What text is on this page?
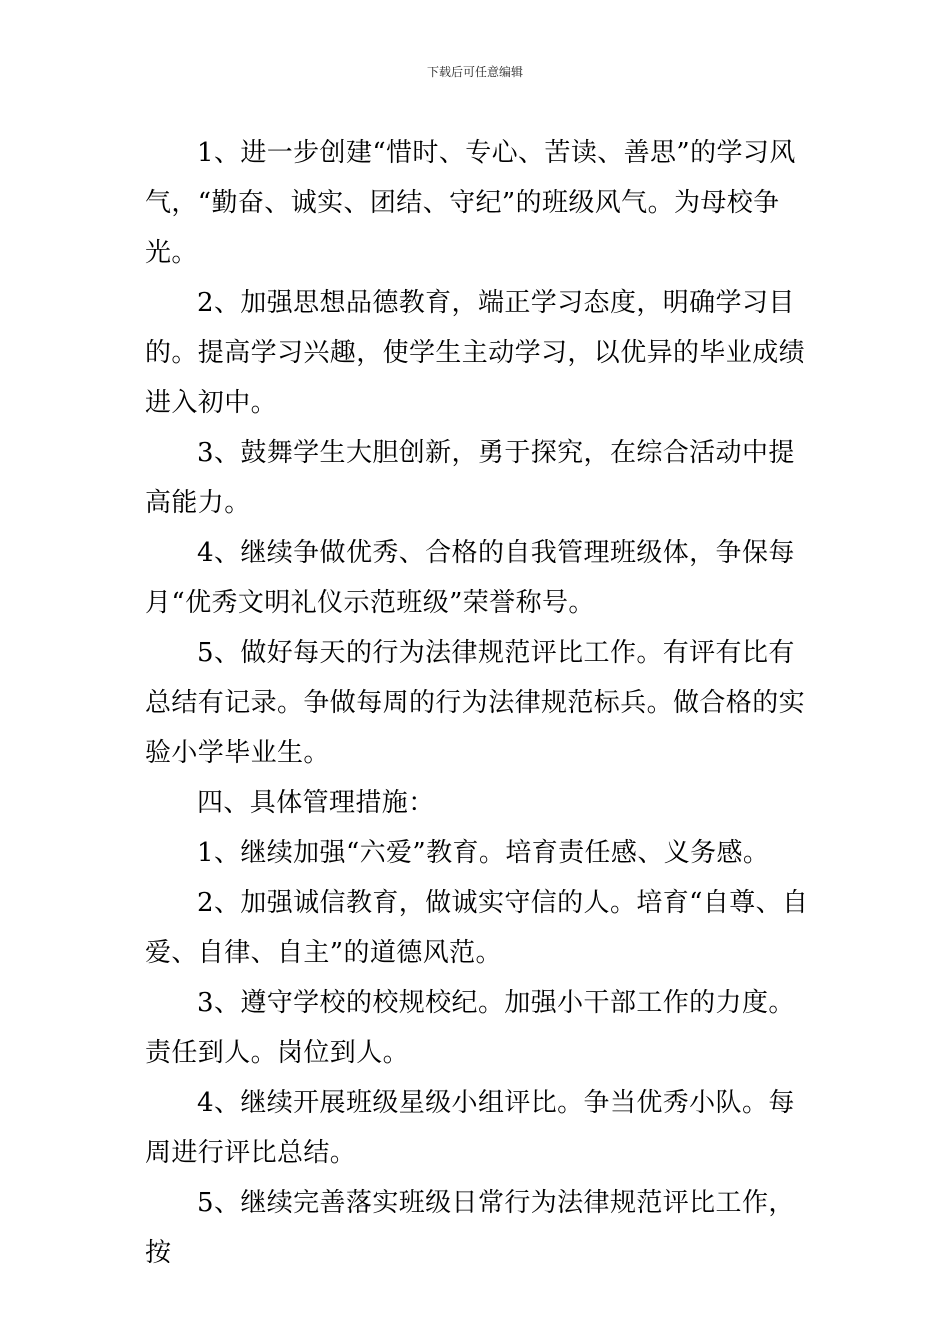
下载后可任意编辑

1、进一步创建“惜时、专心、苦读、善思”的学习风气，“勤奋、诚实、团结、守纪”的班级风气。为母校争光。

2、加强思想品德教育，端正学习态度，明确学习目的。提高学习兴趣，使学生主动学习，以优异的毕业成绩进入初中。

3、鼓舞学生大胆创新，勇于探究，在综合活动中提高能力。

4、继续争做优秀、合格的自我管理班级体，争保每月“优秀文明礼仪示范班级”荣誉称号。

5、做好每天的行为法律规范评比工作。有评有比有总结有记录。争做每周的行为法律规范标兵。做合格的实验小学毕业生。

四、具体管理措施：

1、继续加强“六爱”教育。培育责任感、义务感。

2、加强诚信教育，做诚实守信的人。培育“自尊、自爱、自律、自主”的道德风范。

3、遵守学校的校规校纪。加强小干部工作的力度。责任到人。岗位到人。

4、继续开展班级星级小组评比。争当优秀小队。每周进行评比总结。

5、继续完善落实班级日常行为法律规范评比工作，按
